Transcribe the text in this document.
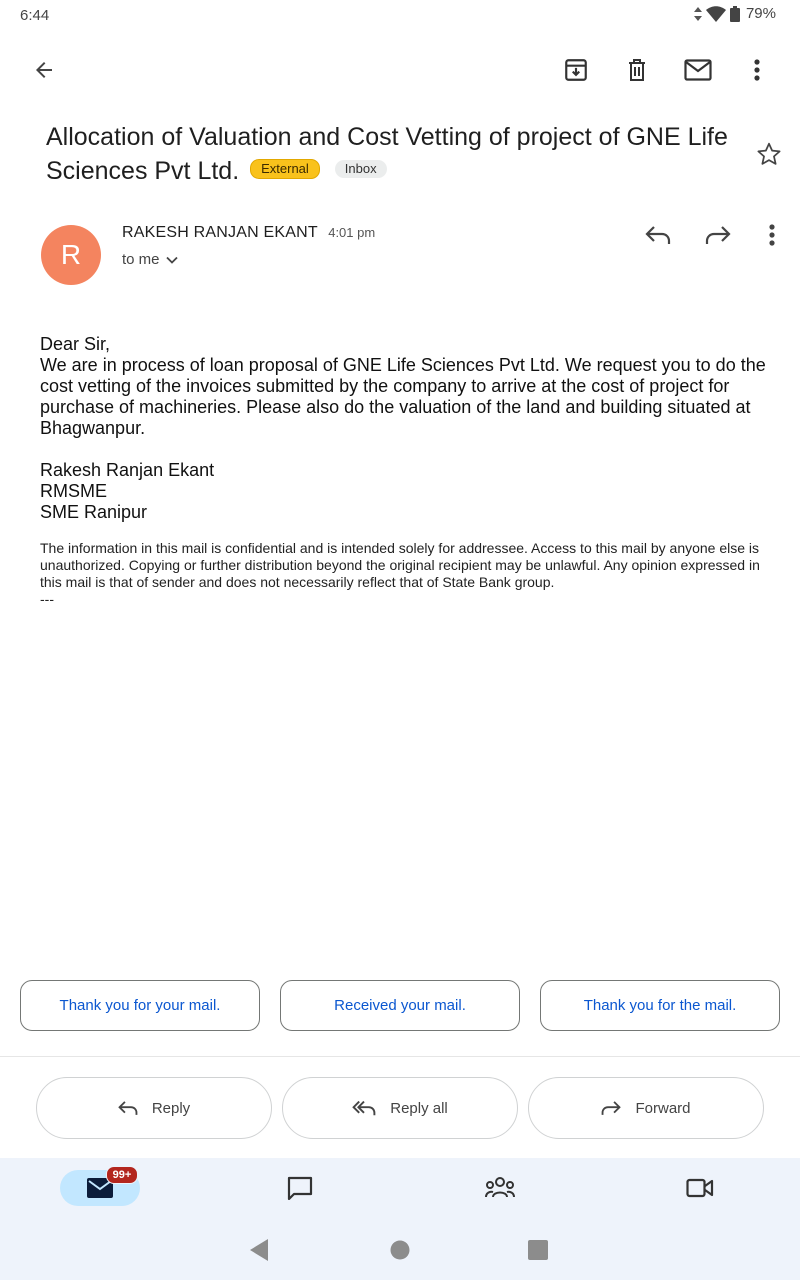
6:44	79%
Allocation of Valuation and Cost Vetting of project of GNE Life Sciences Pvt Ltd. External	Inbox
R
RAKESH RANJAN EKANT 4:01 pm
to me

Dear Sir,

We are in process of loan proposal of GNE Life Sciences Pvt Ltd. We request you to do the cost vetting of the invoices submitted by the company to arrive at the cost of project for purchase of machineries. Please also do the valuation of the land and building situated at Bhagwanpur.

Rakesh Ranjan Ekant

RMSME

SME Ranipur

The information in this mail is confidential and is intended solely for addressee. Access to this mail by anyone else is unauthorized. Copying or further distribution beyond the original recipient may be unlawful. Any opinion expressed in this mail is that of sender and does not necessarily reflect that of State Bank group.

---

Thank you for your mail.	Received your mail.	Thank you for the mail.
Reply	Reply all	Forward
99+
